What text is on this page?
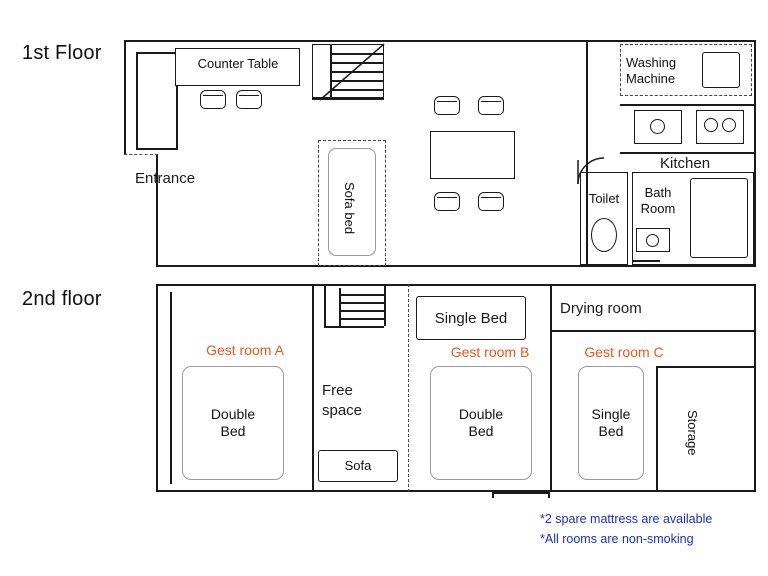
1st Floor	Counter Table
Entrance
Sofa bed
Washing
Machine
Kitchen
Toilet	Bath
Room
2nd floor
Gest room A
Double
Bed
Free
space
Sofa
Single Bed
Gest room B
Double
Bed
Drying room
Gest room C
Single
Bed	Storage
*2 spare mattress are available
*All rooms are non-smoking
